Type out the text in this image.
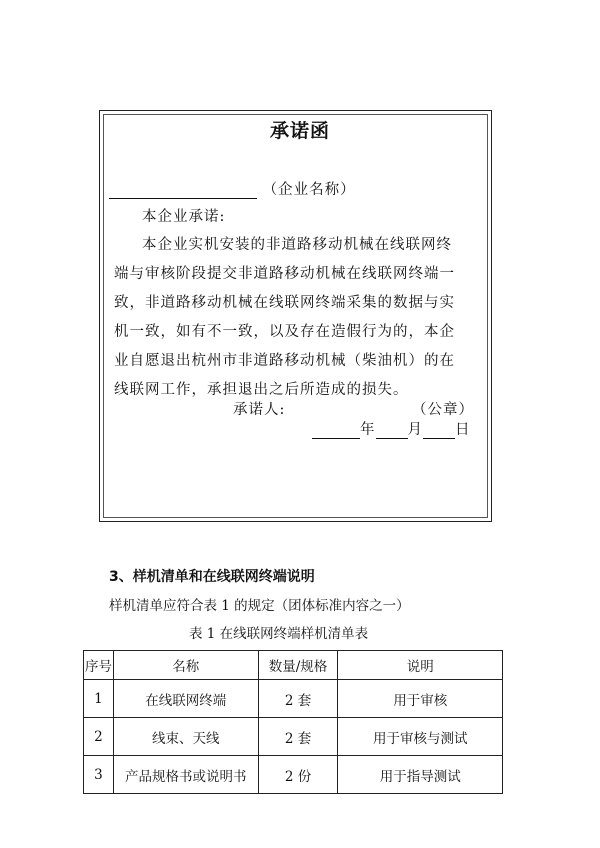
承诺函
（企业名称）
本企业承诺:
本企业实机安装的非道路移动机械在线联网终
端与审核阶段提交非道路移动机械在线联网终端一
致，非道路移动机械在线联网终端采集的数据与实
机一致，如有不一致，以及存在造假行为的，本企
业自愿退出杭州市非道路移动机械（柴油机）的在
线联网工作，承担退出之后所造成的损失。
承诺人:	（公章）
年 月 日
3、样机清单和在线联网终端说明
样机清单应符合表 1 的规定（团体标准内容之一）
表 1 在线联网终端样机清单表
序号	名称	数量/规格	说明
1	在线联网终端	2 套	用于审核
2	线束、天线	2 套	用于审核与测试
3	产品规格书或说明书	2 份	用于指导测试
